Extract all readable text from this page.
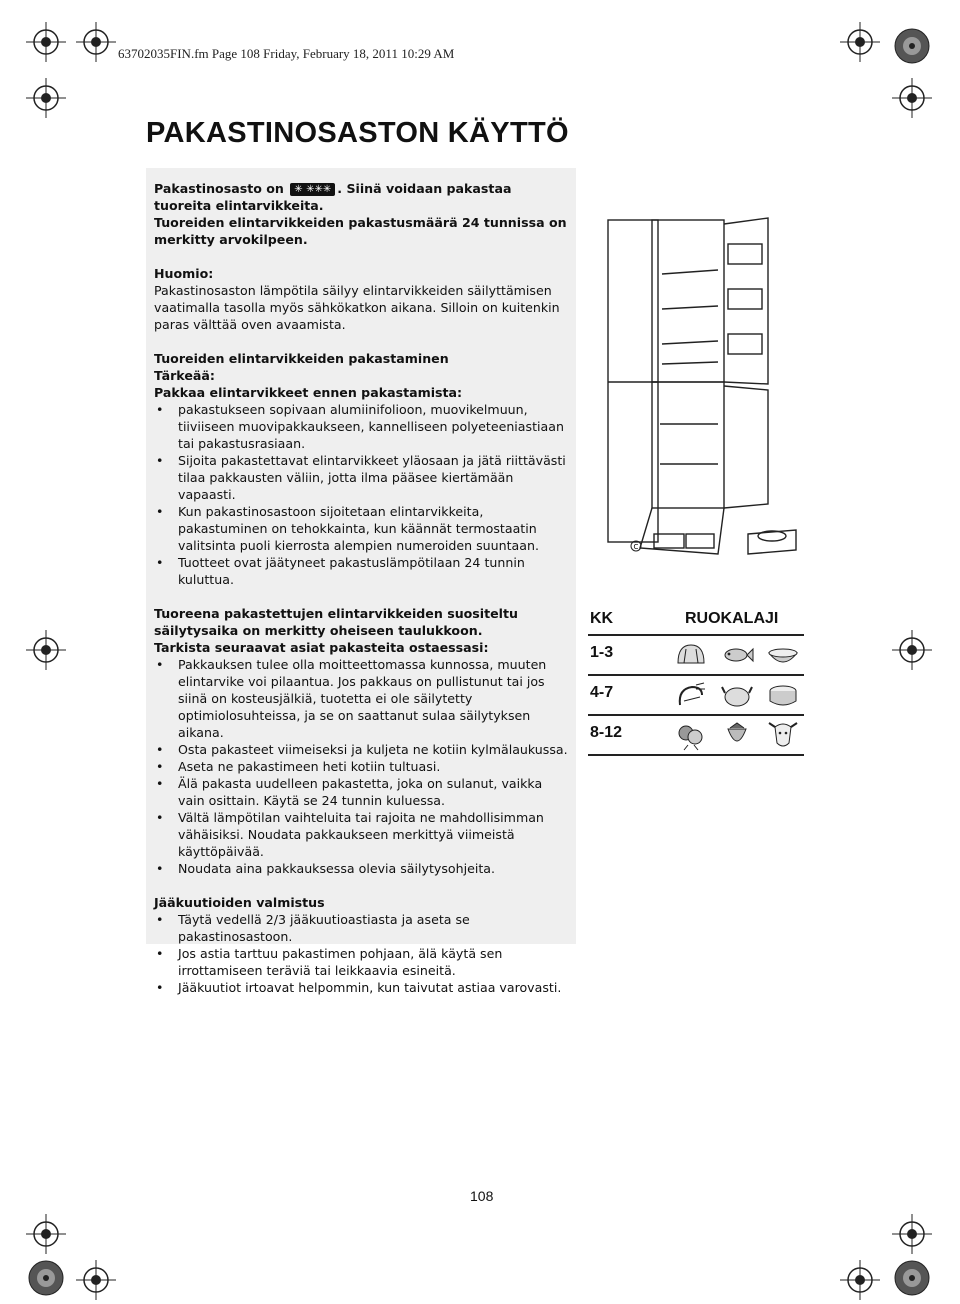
63702035FIN.fm Page 108 Friday, February 18, 2011 10:29 AM
PAKASTINOSASTON KÄYTTÖ

Pakastinosasto on ✳ ✳✳✳ . Siinä voidaan pakastaa tuoreita elintarvikkeita.

Tuoreiden elintarvikkeiden pakastusmäärä 24 tunnissa on merkitty arvokilpeen.

Huomio:

Pakastinosaston lämpötila säilyy elintarvikkeiden säilyttämisen vaatimalla tasolla myös sähkökatkon aikana. Silloin on kuitenkin paras välttää oven avaamista.

Tuoreiden elintarvikkeiden pakastaminen

Tärkeää:

Pakkaa elintarvikkeet ennen pakastamista:

• pakastukseen sopivaan alumiinifolioon, muovikelmuun, tiiviiseen muovipakkaukseen, kannelliseen polyeteeniastiaan tai pakastusrasiaan.
• Sijoita pakastettavat elintarvikkeet yläosaan ja jätä riittävästi tilaa pakkausten väliin, jotta ilma pääsee kiertämään vapaasti.
• Kun pakastinosastoon sijoitetaan elintarvikkeita, pakastuminen on tehokkainta, kun käännät termostaatin valitsinta puoli kierrosta alempien numeroiden suuntaan.
• Tuotteet ovat jäätyneet pakastuslämpötilaan 24 tunnin kuluttua.

Tuoreena pakastettujen elintarvikkeiden suositeltu säilytysaika on merkitty oheiseen taulukkoon.

Tarkista seuraavat asiat pakasteita ostaessasi:

• Pakkauksen tulee olla moitteettomassa kunnossa, muuten elintarvike voi pilaantua. Jos pakkaus on pullistunut tai jos siinä on kosteusjälkiä, tuotetta ei ole säilytetty optimiolosuhteissa, ja se on saattanut sulaa säilytyksen aikana.
• Osta pakasteet viimeiseksi ja kuljeta ne kotiin kylmälaukussa.
• Aseta ne pakastimeen heti kotiin tultuasi.
• Älä pakasta uudelleen pakastetta, joka on sulanut, vaikka vain osittain. Käytä se 24 tunnin kuluessa.
• Vältä lämpötilan vaihteluita tai rajoita ne mahdollisimman vähäisiksi. Noudata pakkaukseen merkittyä viimeistä käyttöpäivää.
• Noudata aina pakkauksessa olevia säilytysohjeita.

Jääkuutioiden valmistus

• Täytä vedellä 2/3 jääkuutioastiasta ja aseta se pakastinosastoon.
• Jos astia tarttuu pakastimen pohjaan, älä käytä sen irrottamiseen teräviä tai leikkaavia esineitä.
• Jääkuutiot irtoavat helpommin, kun taivutat astiaa varovasti.
C
KK	RUOKALAJI
1-3
4-7
8-12
108
